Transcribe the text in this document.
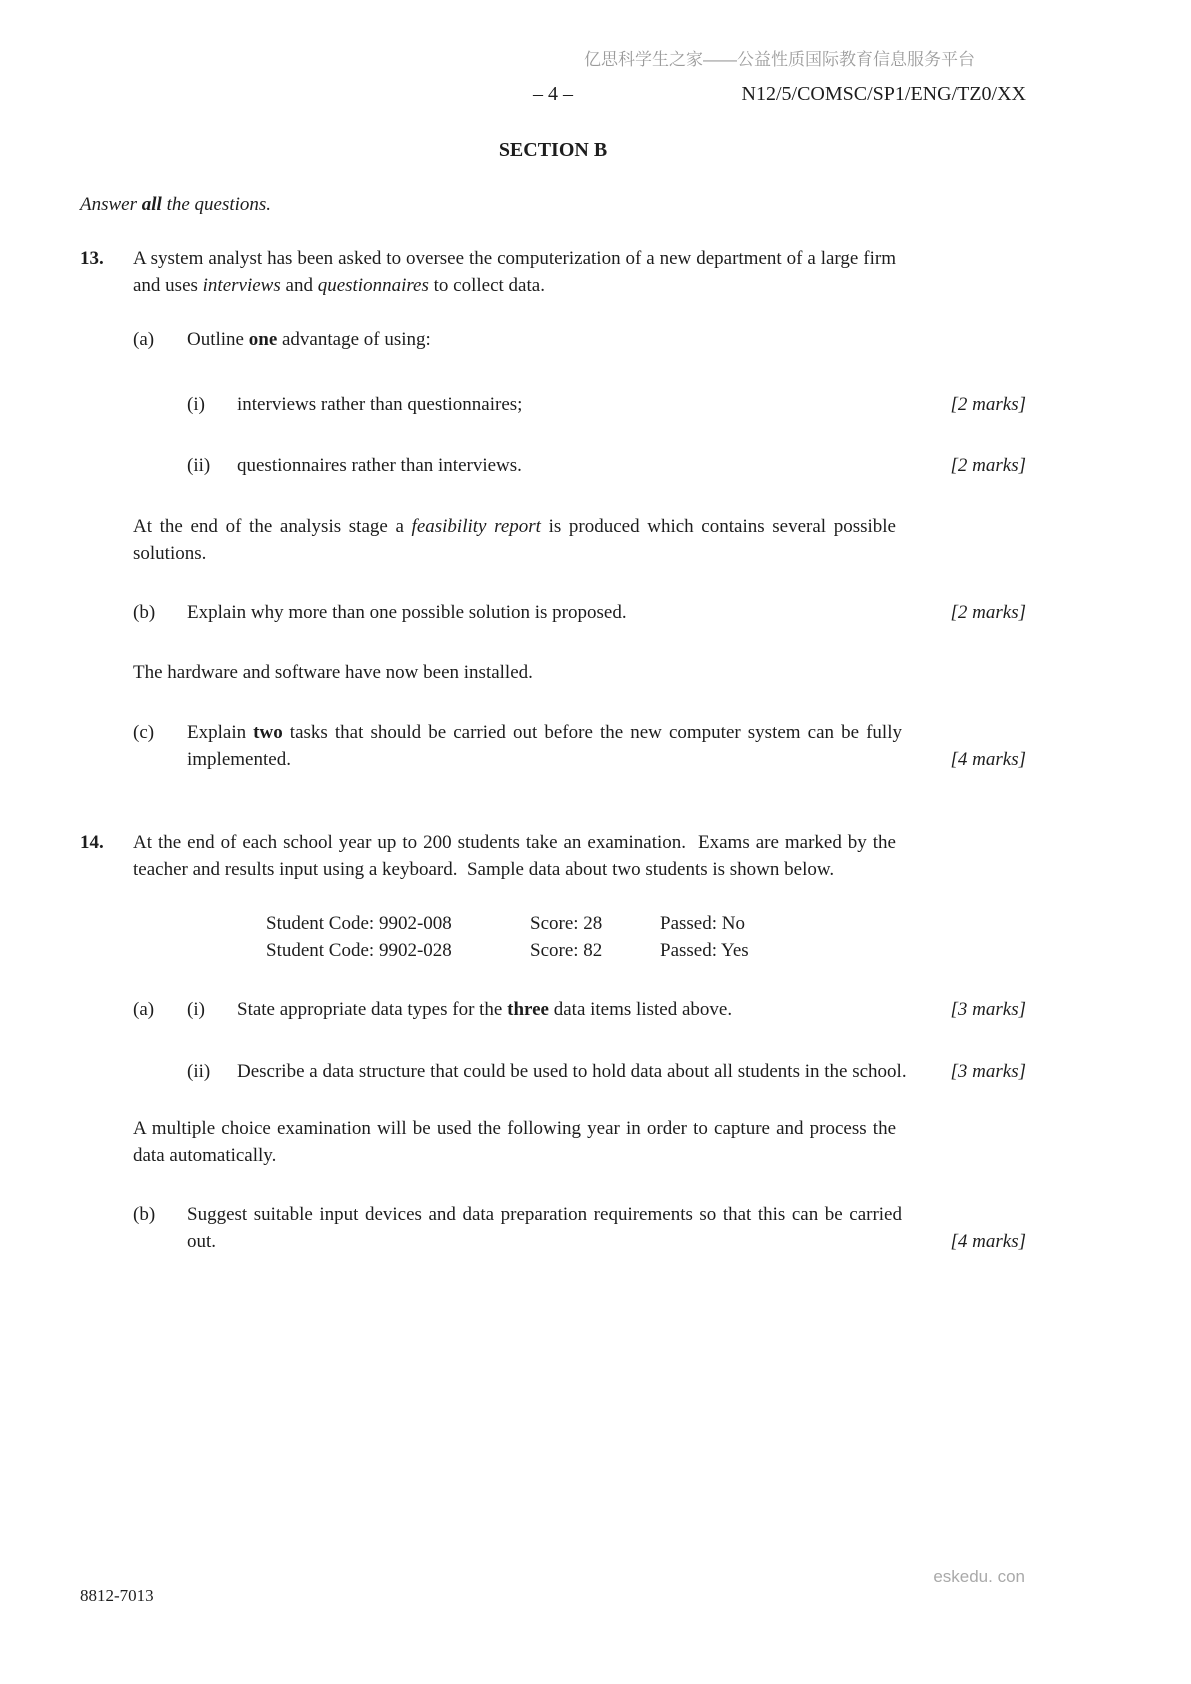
亿思科学生之家——公益性质国际教育信息服务平台
– 4 –	N12/5/COMSC/SP1/ENG/TZ0/XX
SECTION B

Answer all the questions.

13.	A system analyst has been asked to oversee the computerization of a new department of a large firm and uses interviews and questionnaires to collect data.

(a)	Outline one advantage of using:

(i)	interviews rather than questionnaires;	[2 marks]
(ii)	questionnaires rather than interviews.	[2 marks]

At the end of the analysis stage a feasibility report is produced which contains several possible solutions.

(b)	Explain why more than one possible solution is proposed.	[2 marks]

The hardware and software have now been installed.

(c)	Explain two tasks that should be carried out before the new computer system can be fully implemented.	[4 marks]
14.	At the end of each school year up to 200 students take an examination.  Exams are marked by the teacher and results input using a keyboard.  Sample data about two students is shown below.

Student Code: 9902-008	Score: 28	Passed: No
Student Code: 9902-028	Score: 82	Passed: Yes
(a)	(i)	State appropriate data types for the three data items listed above.	[3 marks]
(ii)	Describe a data structure that could be used to hold data about all students in the school. [3 marks]

A multiple choice examination will be used the following year in order to capture and process the data automatically.

(b)	Suggest suitable input devices and data preparation requirements so that this can be carried out.	[4 marks]
8812-7013
eskedu. con
